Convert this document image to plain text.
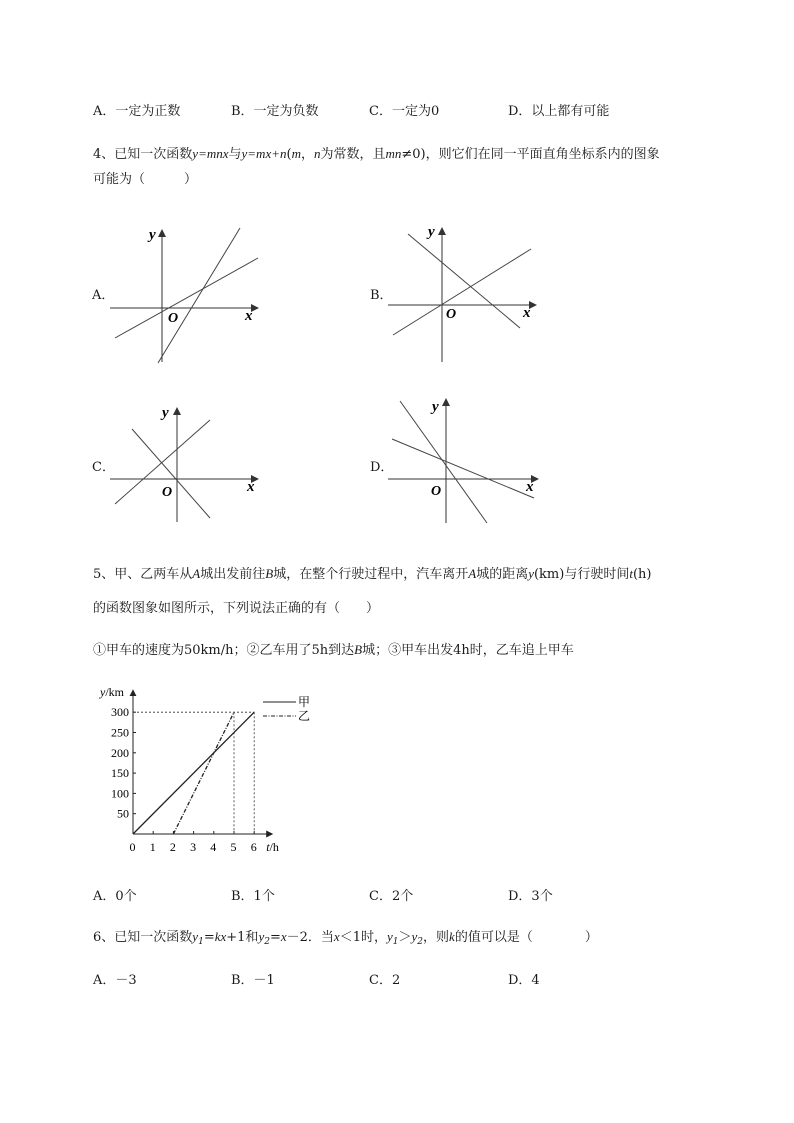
A．一定为正数	B．一定为负数	C．一定为0	D．以上都有可能
4、已知一次函数y=mnx与y=mx+n(m，n为常数，且mn≠0)，则它们在同一平面直角坐标系内的图象
可能为（　　　）
A．	B．
C．	D．
y
x
O
y
x
O
y
x
O
y
x
O
5、甲、乙两车从A城出发前往B城，在整个行驶过程中，汽车离开A城的距离y(km)与行驶时间t(h)
的函数图象如图所示，下列说法正确的有（　　）
①甲车的速度为50km/h；②乙车用了5h到达B城；③甲车出发4h时，乙车追上甲车
y/km
t/h
0 1 2 3 4 5 6
50
100
150
200
250
300
甲
乙
A．0个	B．1个	C．2个	D．3个
6、已知一次函数$y_1=kx+1$和$y_2=x-2$．当x＜1时，$y_1>y_2$，则k的值可以是（　　　　）
A．－3	B．－1	C．2	D．4
